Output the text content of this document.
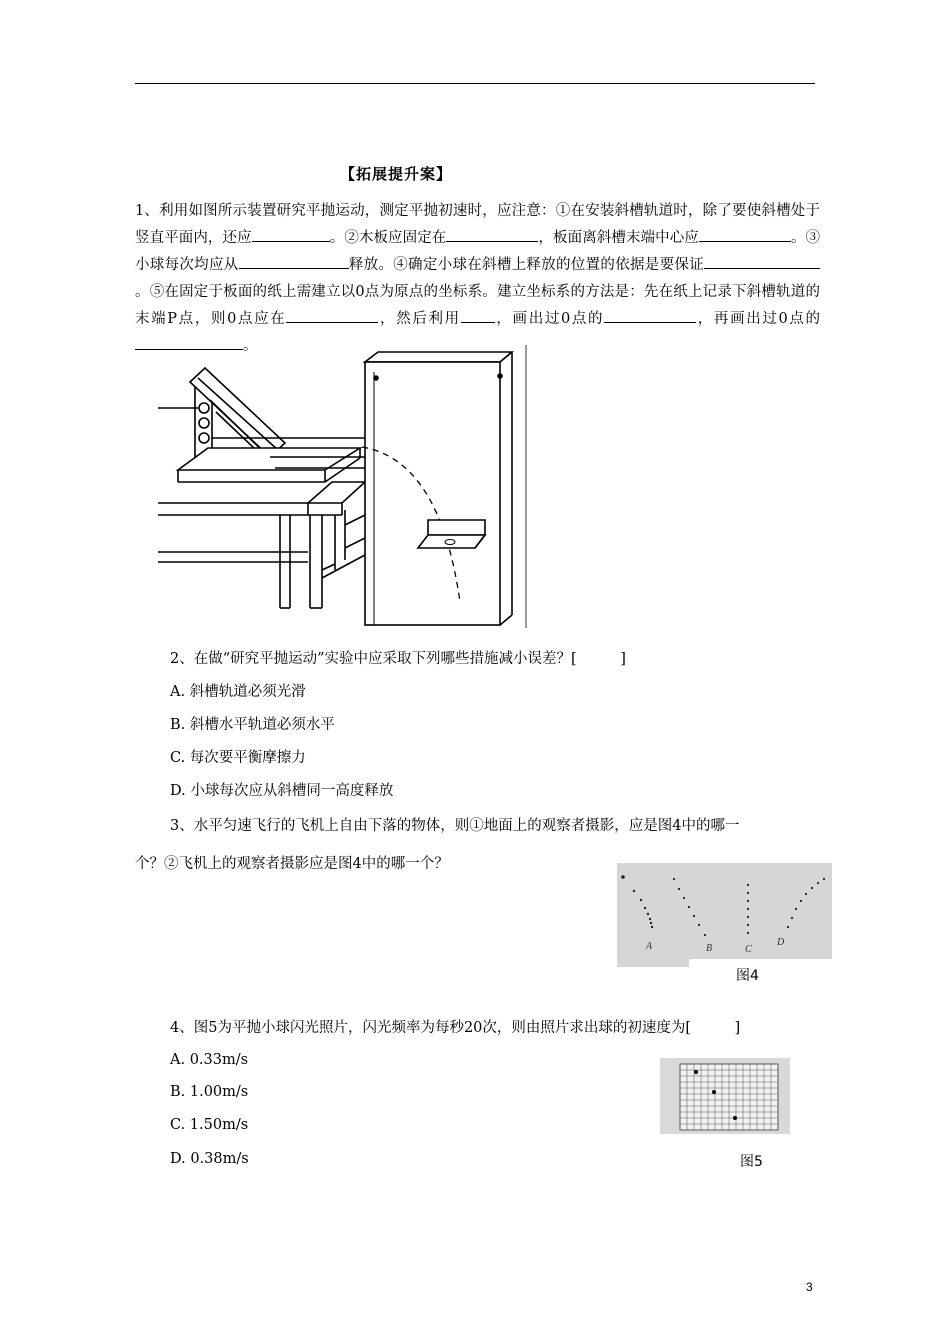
【拓展提升案】
1、利用如图所示装置研究平抛运动，测定平抛初速时，应注意：①在安装斜槽轨道时，除了要使斜槽处于竖直平面内，还应	。②木板应固定在	，板面离斜槽末端中心应	。③小球每次均应从	释放。④确定小球在斜槽上释放的位置的依据是要保证。⑤在固定于板面的纸上需建立以0点为原点的坐标系。建立坐标系的方法是：先在纸上记录下斜槽轨道的末端P点，则0点应在	，然后利用 ，画出过0点的	，再画出过0点的。
2、在做“研究平抛运动”实验中应采取下列哪些措施减小误差？[　　　]
A. 斜槽轨道必须光滑
B. 斜槽水平轨道必须水平
C. 每次要平衡摩擦力
D. 小球每次应从斜槽同一高度释放
3、水平匀速飞行的飞机上自由下落的物体，则①地面上的观察者摄影，应是图4中的哪一
个？②飞机上的观察者摄影应是图4中的哪一个？
A	B	C
D
图4
4、图5为平抛小球闪光照片，闪光频率为每秒20次，则由照片求出球的初速度为[　　　]
A. 0.33m/s
B. 1.00m/s
C. 1.50m/s
D. 0.38m/s	图5
3
